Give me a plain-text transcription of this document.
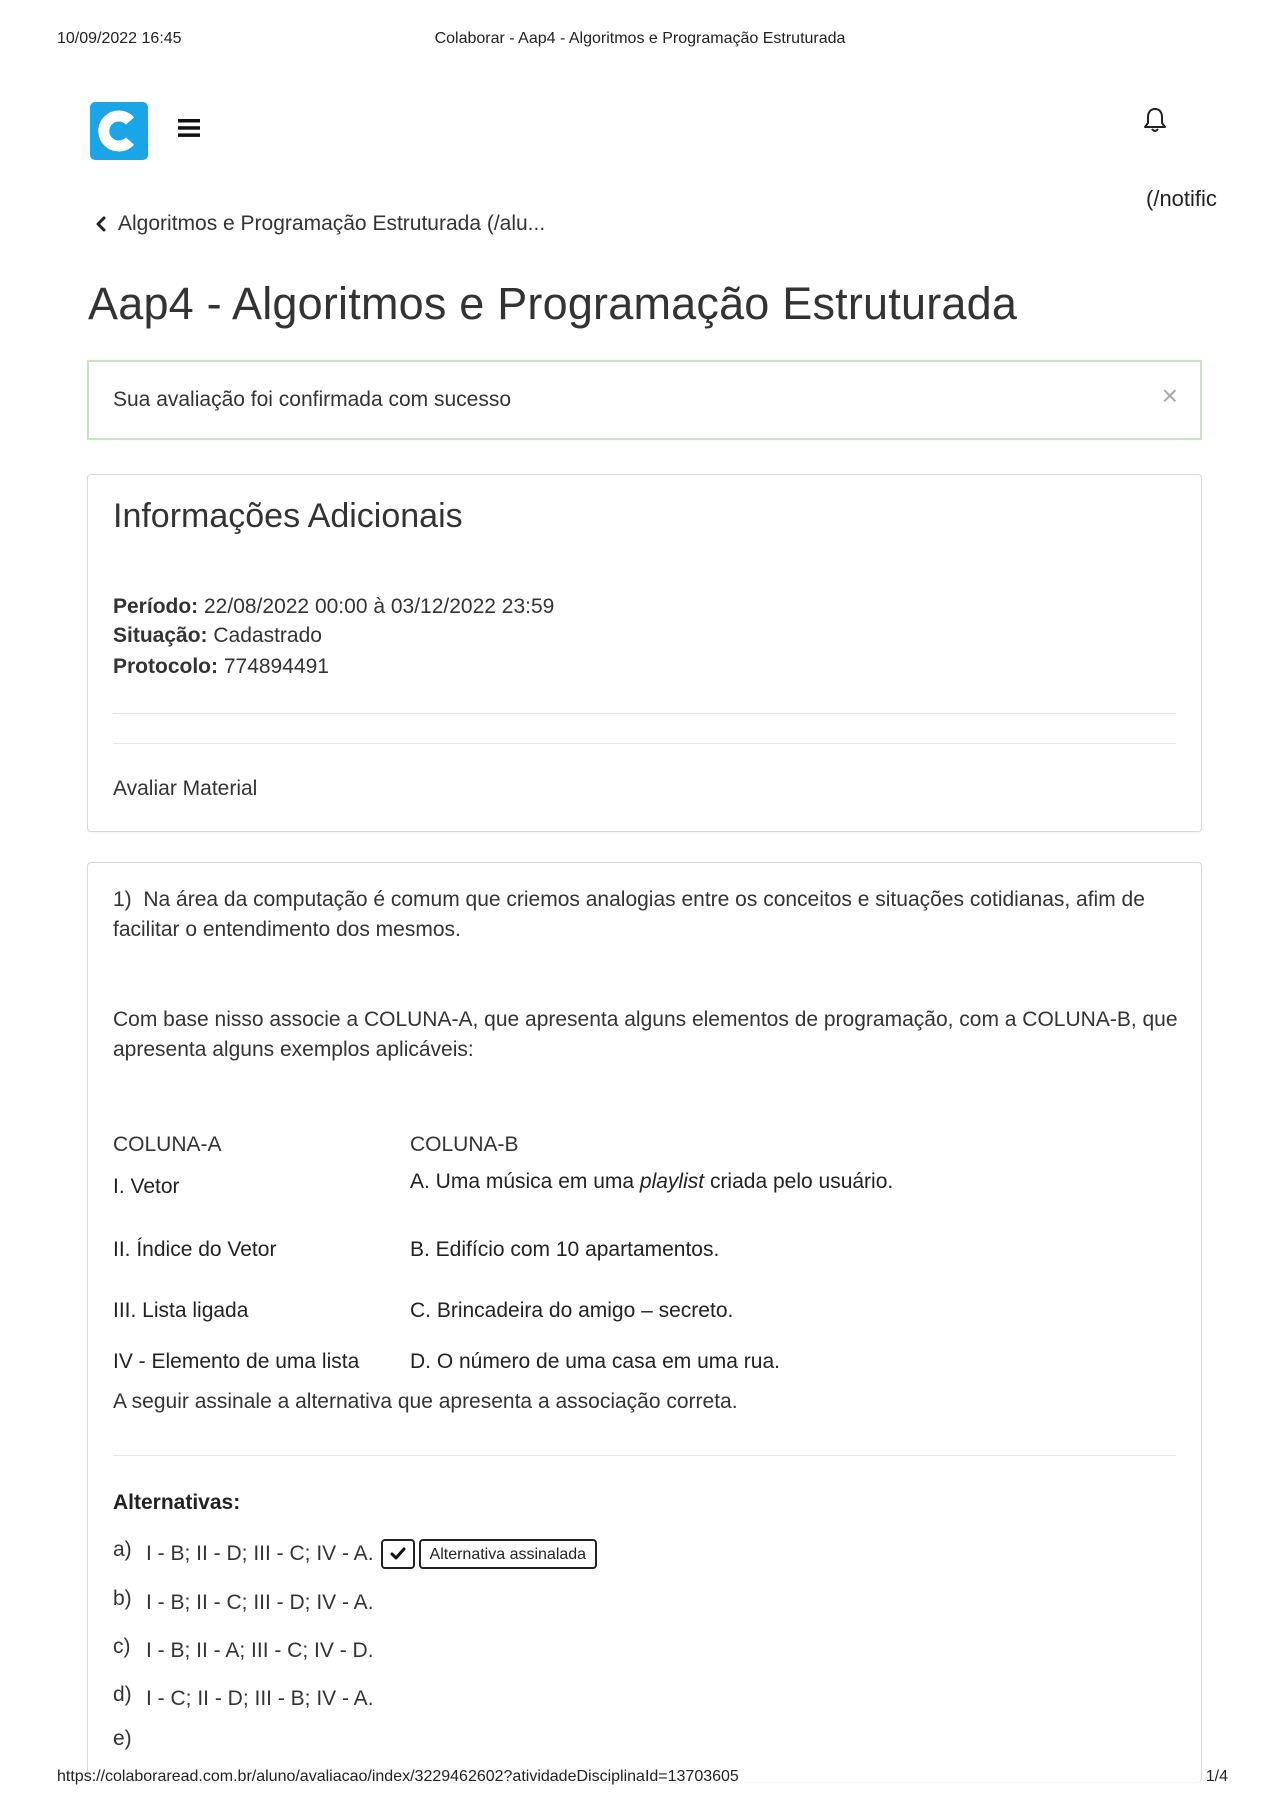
10/09/2022 16:45	Colaborar - Aap4 - Algoritmos e Programação Estruturada
(/notific
Algoritmos e Programação Estruturada (/alu...
Aap4 - Algoritmos e Programação Estruturada
Sua avaliação foi confirmada com sucesso	×
Informações Adicionais
Período: 22/08/2022 00:00 à 03/12/2022 23:59
Situação: Cadastrado
Protocolo: 774894491
Avaliar Material
1) Na área da computação é comum que criemos analogias entre os conceitos e situações cotidianas, afim de facilitar o entendimento dos mesmos.
Com base nisso associe a COLUNA-A, que apresenta alguns elementos de programação, com a COLUNA-B, que apresenta alguns exemplos aplicáveis:
COLUNA-A	COLUNA-B
I. Vetor	A. Uma música em uma playlist criada pelo usuário.
II. Índice do Vetor	B. Edifício com 10 apartamentos.
III. Lista ligada	C. Brincadeira do amigo – secreto.
IV - Elemento de uma lista D. O número de uma casa em uma rua.
A seguir assinale a alternativa que apresenta a associação correta.
Alternativas:
a) I - B; II - D; III - C; IV - A.	Alternativa assinalada
b) I - B; II - C; III - D; IV - A.
c) I - B; II - A; III - C; IV - D.
d) I - C; II - D; III - B; IV - A.
e)
https://colaboraread.com.br/aluno/avaliacao/index/3229462602?atividadeDisciplinaId=13703605	1/4
